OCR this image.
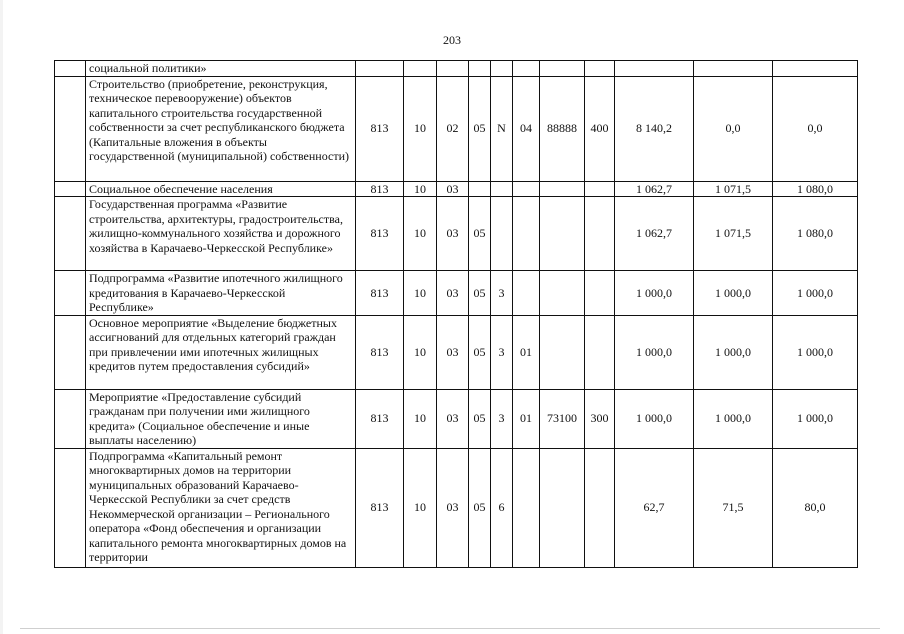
203
	социальной политики»											
	Строительство (приобретение, реконструкция, техническое перевооружение) объектов капитального строительства государственной собственности за счет республиканского бюджета (Капитальные вложения в объекты государственной (муниципальной) собственности)	813	10	02	05	N	04	88888	400	8 140,2	0,0	0,0
	Социальное обеспечение населения	813	10	03						1 062,7	1 071,5	1 080,0
	Государственная программа «Развитие строительства, архитектуры, градостроительства, жилищно-коммунального хозяйства и дорожного хозяйства в Карачаево-Черкесской Республике»	813	10	03	05					1 062,7	1 071,5	1 080,0
	Подпрограмма «Развитие ипотечного жилищного кредитования в Карачаево-Черкесской Республике»	813	10	03	05	3				1 000,0	1 000,0	1 000,0
	Основное мероприятие «Выделение бюджетных ассигнований для отдельных категорий граждан при привлечении ими ипотечных жилищных кредитов путем предоставления субсидий»	813	10	03	05	3	01			1 000,0	1 000,0	1 000,0
	Мероприятие «Предоставление субсидий гражданам при получении ими жилищного кредита» (Социальное обеспечение и иные выплаты населению)	813	10	03	05	3	01	73100	300	1 000,0	1 000,0	1 000,0
	Подпрограмма «Капитальный ремонт многоквартирных домов на территории муниципальных образований Карачаево-Черкесской Республики за счет средств Некоммерческой организации – Регионального оператора «Фонд обеспечения и организации капитального ремонта многоквартирных домов на территории	813	10	03	05	6				62,7	71,5	80,0
